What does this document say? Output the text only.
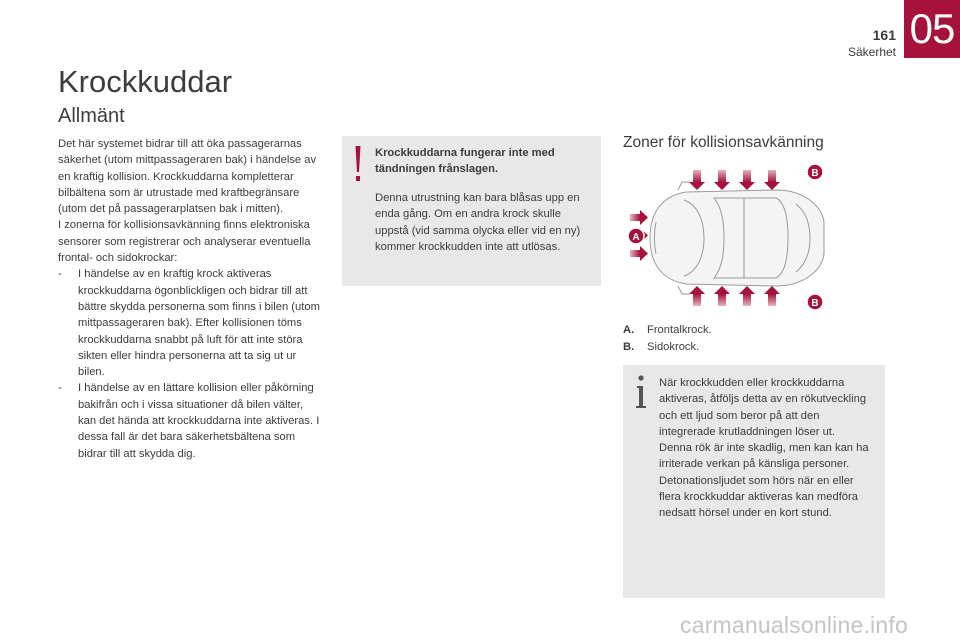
161
Säkerhet 05
Krockkuddar
Allmänt

Det här systemet bidrar till att öka passagerarnas säkerhet (utom mittpassageraren bak) i händelse av en kraftig kollision. Krockkuddarna kompletterar bilbältena som är utrustade med kraftbegränsare (utom det på passagerarplatsen bak i mitten).

I zonerna för kollisionsavkänning finns elektroniska sensorer som registrerar och analyserar eventuella frontal- och sidokrockar:

-	I händelse av en kraftig krock aktiveras krockkuddarna ögonblickligen och bidrar till att bättre skydda personerna som finns i bilen (utom mittpassageraren bak). Efter kollisionen töms krockkuddarna snabbt på luft för att inte störa sikten eller hindra personerna att ta sig ut ur bilen.
-	I händelse av en lättare kollision eller påkörning bakifrån och i vissa situationer då bilen välter, kan det hända att krockkuddarna inte aktiveras. I dessa fall är det bara säkerhetsbältena som bidrar till att skydda dig.
Krockkuddarna fungerar inte med tändningen frånslagen.
Denna utrustning kan bara blåsas upp en enda gång. Om en andra krock skulle uppstå (vid samma olycka eller vid en ny) kommer krockkudden inte att utlösas.
Zoner för kollisionsavkänning
A
B
B
A.	Frontalkrock.
B.	Sidokrock.

När krockkudden eller krockkuddarna aktiveras, åtföljs detta av en rökutveckling och ett ljud som beror på att den integrerade krutladdningen löser ut.

Denna rök är inte skadlig, men kan kan ha irriterade verkan på känsliga personer.

Detonationsljudet som hörs när en eller flera krockkuddar aktiveras kan medföra nedsatt hörsel under en kort stund.

carmanualsonline.info
